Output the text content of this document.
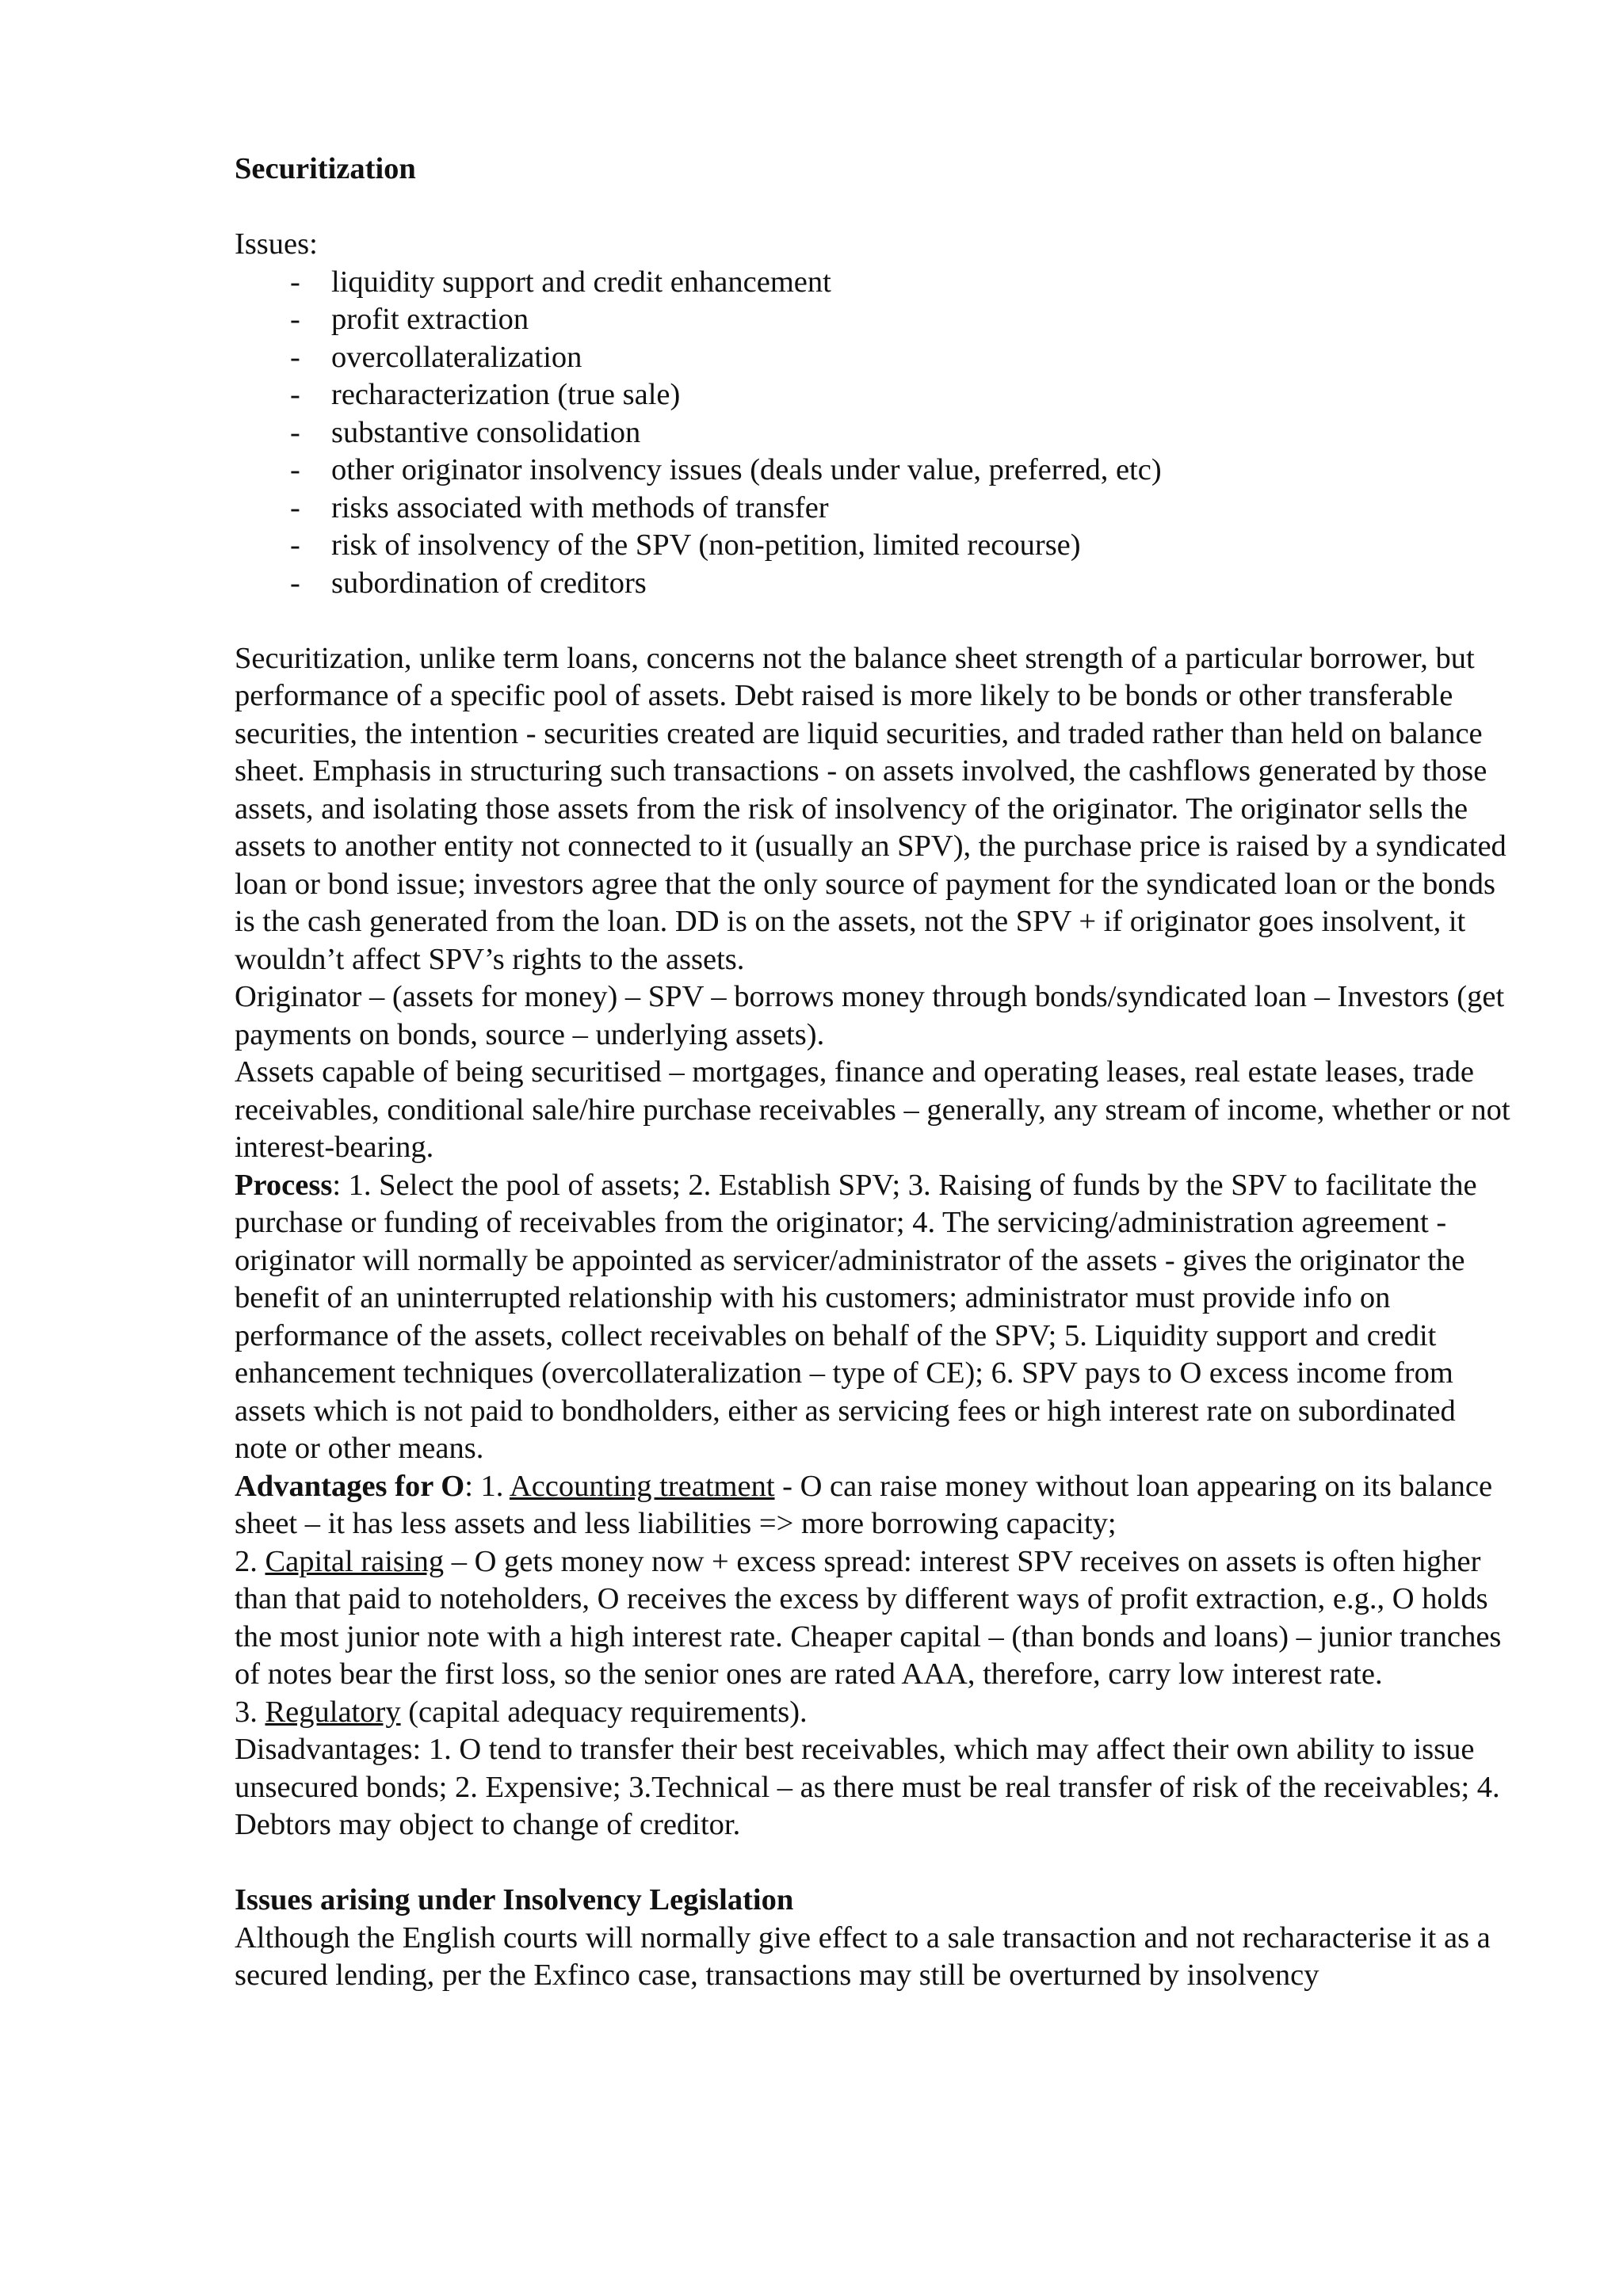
Securitization

Issues:

- liquidity support and credit enhancement
- profit extraction
- overcollateralization
- recharacterization (true sale)
- substantive consolidation
- other originator insolvency issues (deals under value, preferred, etc)
- risks associated with methods of transfer
- risk of insolvency of the SPV (non-petition, limited recourse)
- subordination of creditors

Securitization, unlike term loans, concerns not the balance sheet strength of a particular borrower, but performance of a specific pool of assets. Debt raised is more likely to be bonds or other transferable securities, the intention - securities created are liquid securities, and traded rather than held on balance sheet. Emphasis in structuring such transactions - on assets involved, the cashflows generated by those assets, and isolating those assets from the risk of insolvency of the originator. The originator sells the assets to another entity not connected to it (usually an SPV), the purchase price is raised by a syndicated loan or bond issue; investors agree that the only source of payment for the syndicated loan or the bonds is the cash generated from the loan. DD is on the assets, not the SPV + if originator goes insolvent, it wouldn’t affect SPV’s rights to the assets.

Originator – (assets for money) – SPV – borrows money through bonds/syndicated loan – Investors (get payments on bonds, source – underlying assets).

Assets capable of being securitised – mortgages, finance and operating leases, real estate leases, trade receivables, conditional sale/hire purchase receivables – generally, any stream of income, whether or not interest-bearing.

Process: 1. Select the pool of assets; 2. Establish SPV; 3. Raising of funds by the SPV to facilitate the purchase or funding of receivables from the originator; 4. The servicing/administration agreement - originator will normally be appointed as servicer/administrator of the assets - gives the originator the benefit of an uninterrupted relationship with his customers; administrator must provide info on performance of the assets, collect receivables on behalf of the SPV; 5. Liquidity support and credit enhancement techniques (overcollateralization – type of CE); 6. SPV pays to O excess income from assets which is not paid to bondholders, either as servicing fees or high interest rate on subordinated note or other means.

Advantages for O: 1. Accounting treatment - O can raise money without loan appearing on its balance sheet – it has less assets and less liabilities => more borrowing capacity;

2. Capital raising – O gets money now + excess spread: interest SPV receives on assets is often higher than that paid to noteholders, O receives the excess by different ways of profit extraction, e.g., O holds the most junior note with a high interest rate. Cheaper capital – (than bonds and loans) – junior tranches of notes bear the first loss, so the senior ones are rated AAA, therefore, carry low interest rate.

3. Regulatory (capital adequacy requirements).

Disadvantages: 1. O tend to transfer their best receivables, which may affect their own ability to issue unsecured bonds; 2. Expensive; 3.Technical – as there must be real transfer of risk of the receivables; 4. Debtors may object to change of creditor.

Issues arising under Insolvency Legislation

Although the English courts will normally give effect to a sale transaction and not recharacterise it as a secured lending, per the Exfinco case, transactions may still be overturned by insolvency
